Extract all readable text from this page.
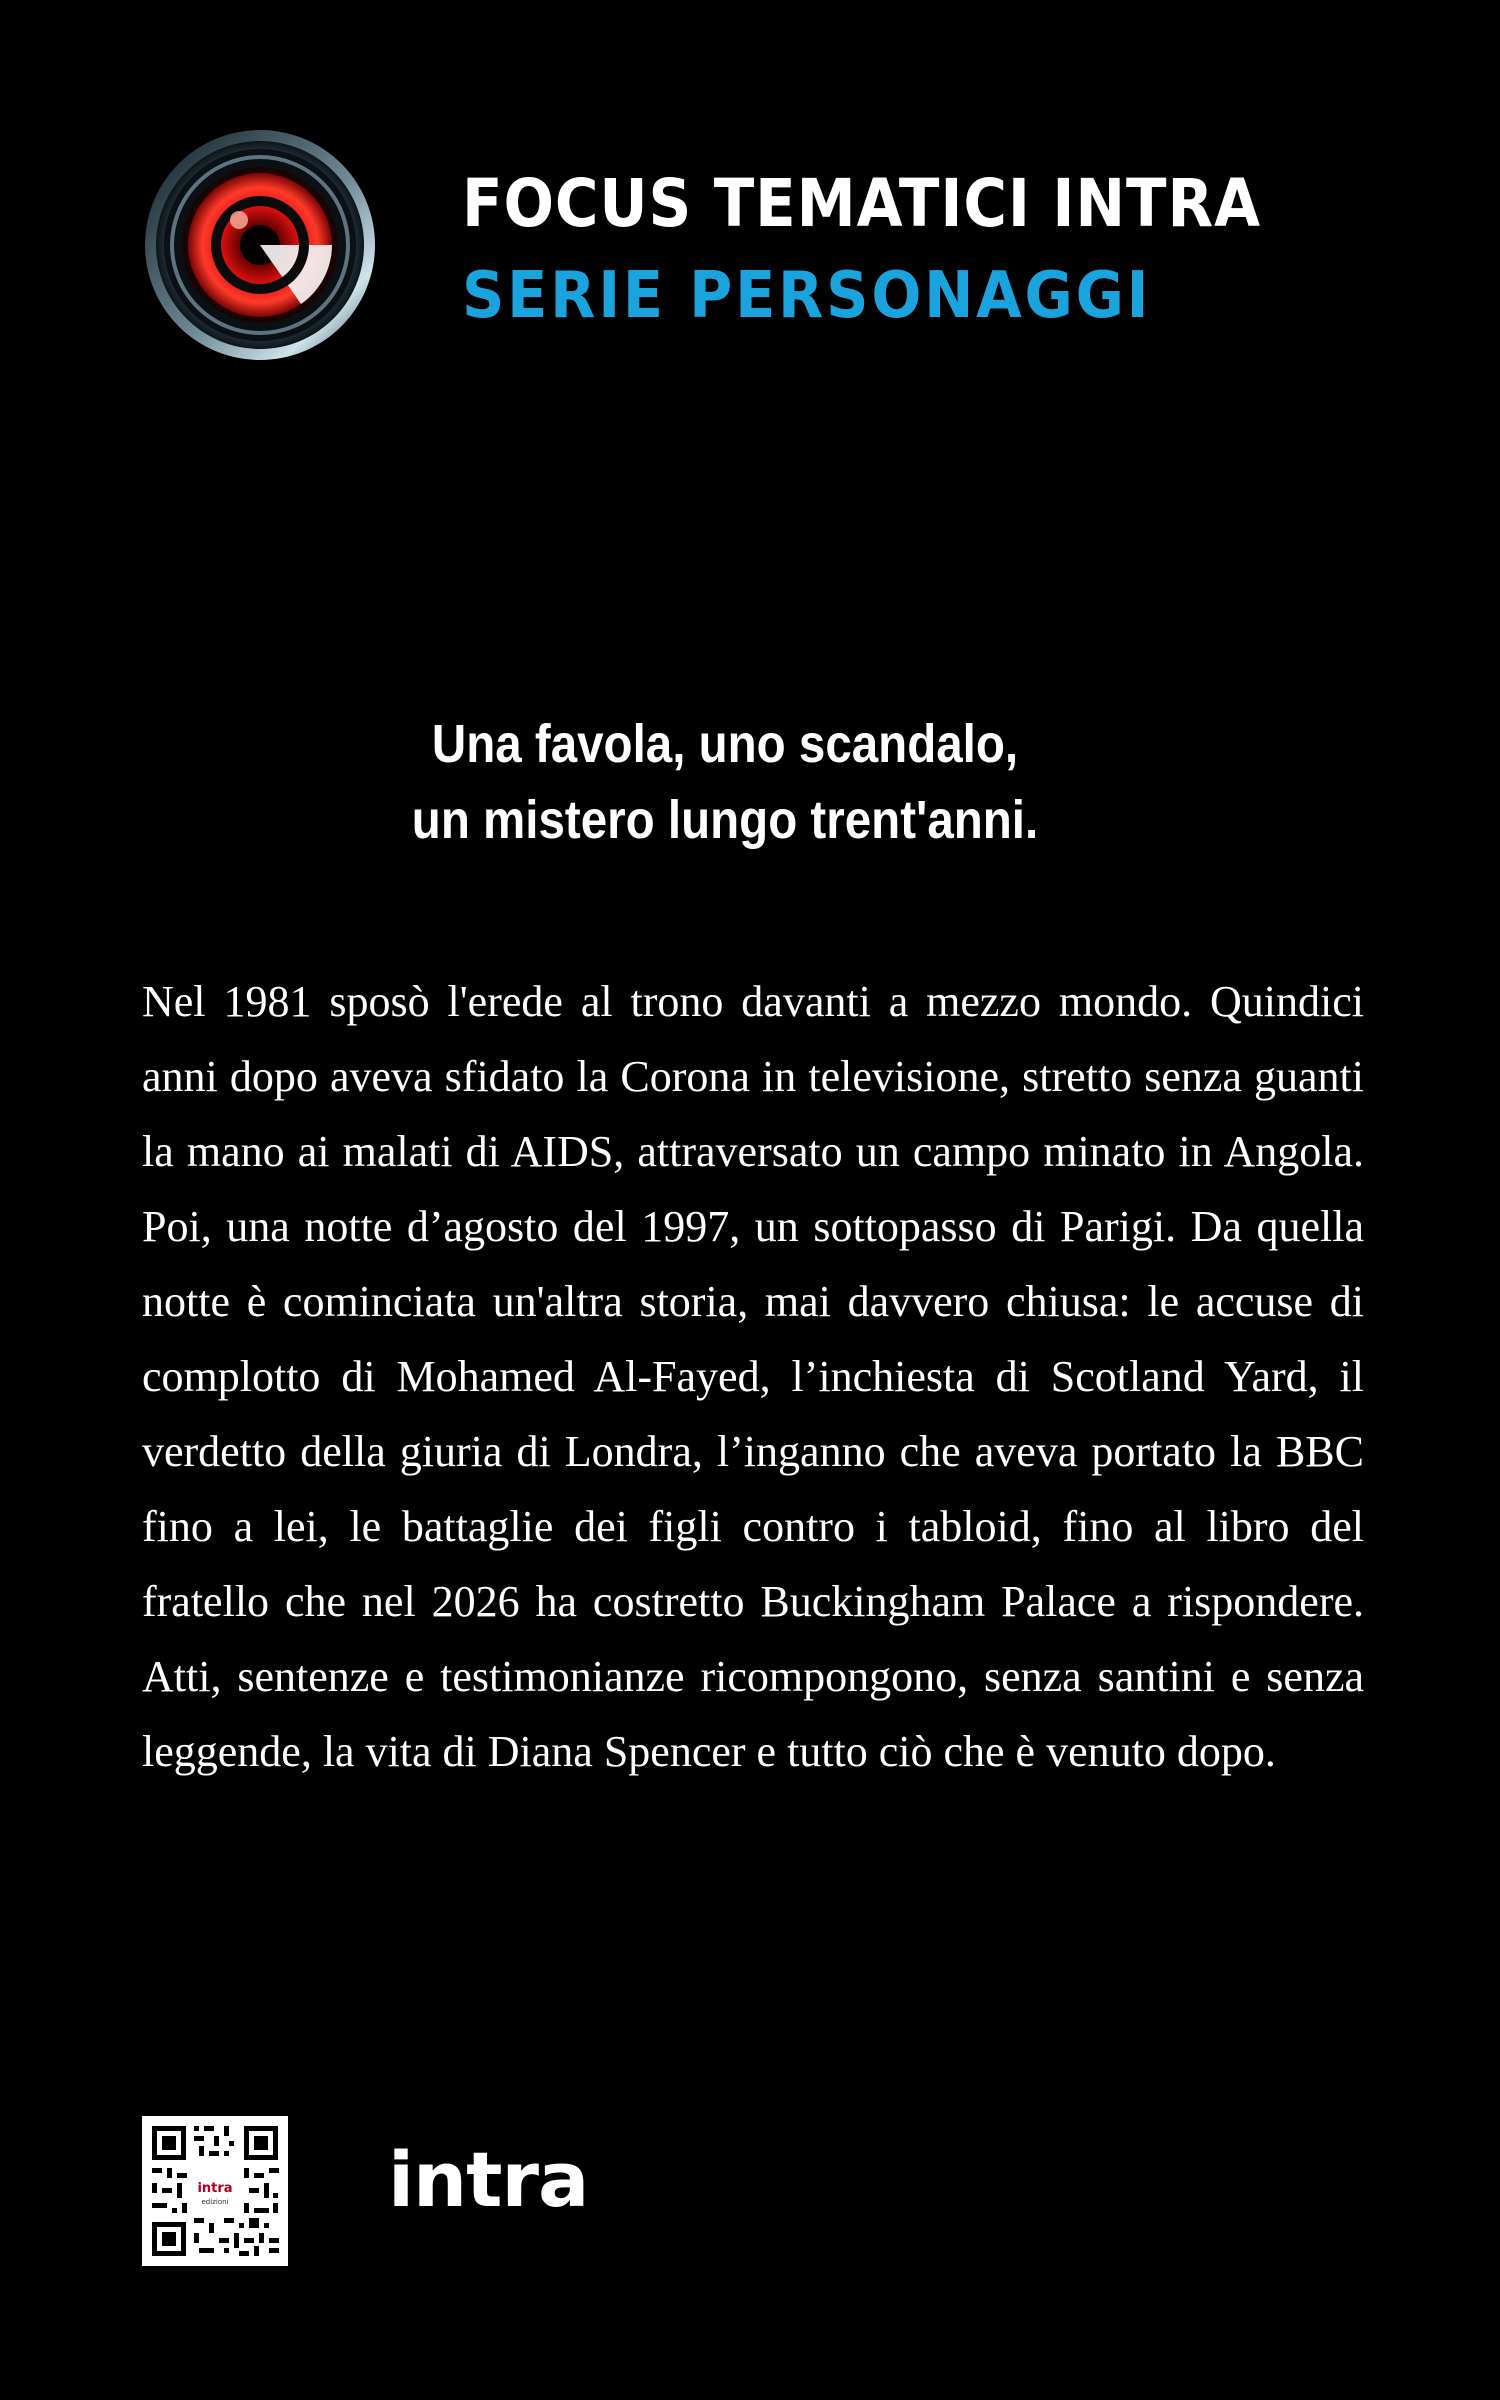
FOCUS TEMATICI INTRA
SERIE PERSONAGGI
Una favola, uno scandalo,
un mistero lungo trent'anni.

Nel 1981 sposò l'erede al trono davanti a mezzo mondo. Quindici anni dopo aveva sfidato la Corona in televisione, stretto senza guanti la mano ai malati di AIDS, attraversato un campo minato in Angola. Poi, una notte d’agosto del 1997, un sottopasso di Parigi. Da quella notte è cominciata un'altra storia, mai davvero chiusa: le accuse di complotto di Mohamed Al-Fayed, l’inchiesta di Scotland Yard, il verdetto della giuria di Londra, l’inganno che aveva portato la BBC fino a lei, le battaglie dei figli contro i tabloid, fino al libro del fratello che nel 2026 ha costretto Buckingham Palace a rispondere. Atti, sentenze e testimonianze ricompongono, senza santini e senza leggende, la vita di Diana Spencer e tutto ciò che è venuto dopo.

intra
edizioni intra
